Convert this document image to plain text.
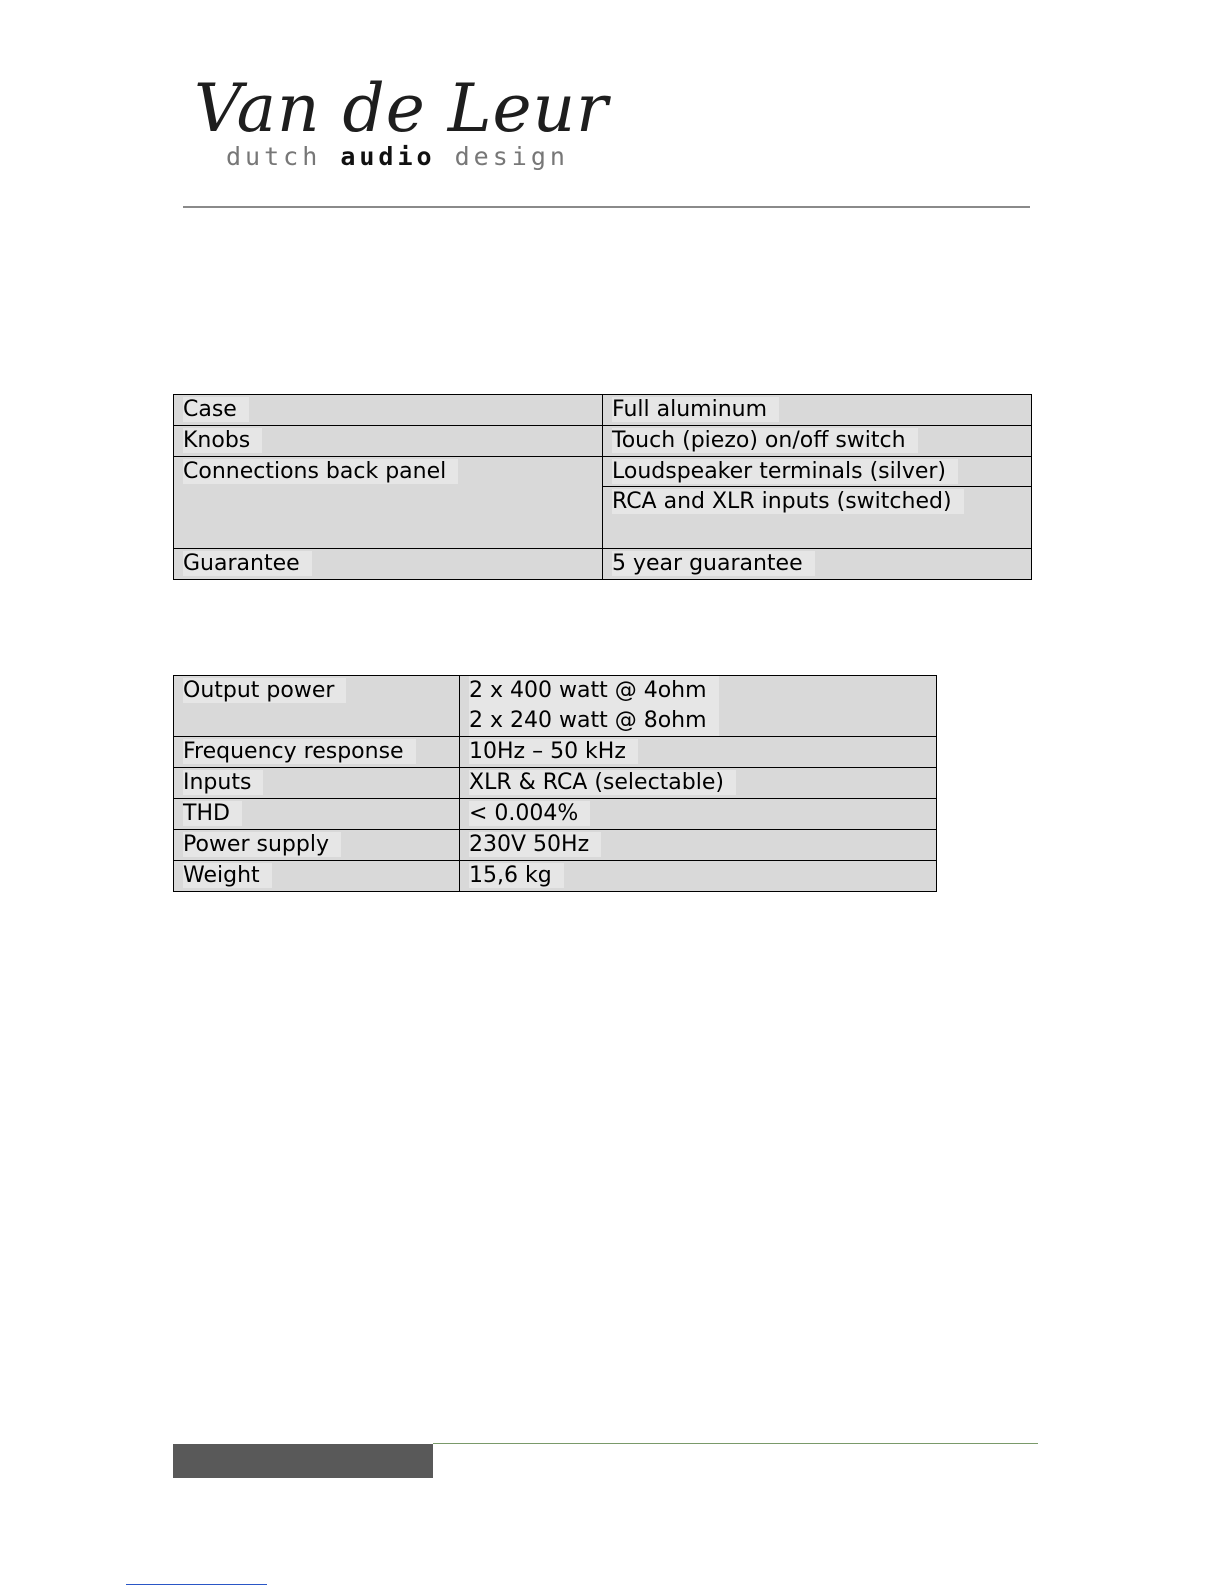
Van de Leur
dutch audio design
Case	Full aluminum
Knobs	Touch (piezo) on/off switch
Connections back panel	Loudspeaker terminals (silver)
RCA and XLR inputs (switched)

Guarantee	5 year guarantee
Output power	2 x 400 watt @ 4ohm
2 x 240 watt @ 8ohm
Frequency response	10Hz – 50 kHz
Inputs	XLR & RCA (selectable)
THD	< 0.004%
Power supply	230V 50Hz
Weight	15,6 kg
